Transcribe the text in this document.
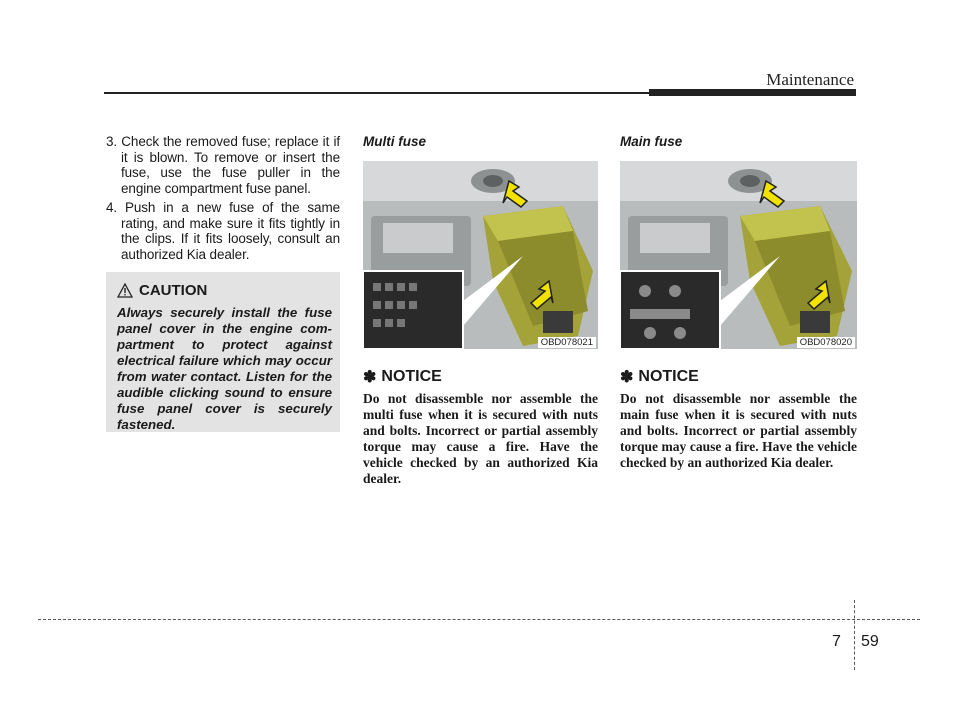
Maintenance

3. Check the removed fuse; replace it if it is blown. To remove or insert the fuse, use the fuse puller in the engine compartment fuse panel.

4. Push in a new fuse of the same rating, and make sure it fits tightly in the clips. If it fits loosely, consult an authorized Kia dealer.

CAUTION
Always securely install the fuse panel cover in the engine com-partment to protect against electrical failure which may occur from water contact. Listen for the audible clicking sound to ensure fuse panel cover is securely fastened.
Multi fuse
OBD078021
✽ NOTICE

Do not disassemble nor assemble the multi fuse when it is secured with nuts and bolts. Incorrect or partial assembly torque may cause a fire. Have the vehicle checked by an authorized Kia dealer.

Main fuse
OBD078020
✽ NOTICE

Do not disassemble nor assemble the main fuse when it is secured with nuts and bolts. Incorrect or partial assembly torque may cause a fire. Have the vehicle checked by an authorized Kia dealer.

7 59
